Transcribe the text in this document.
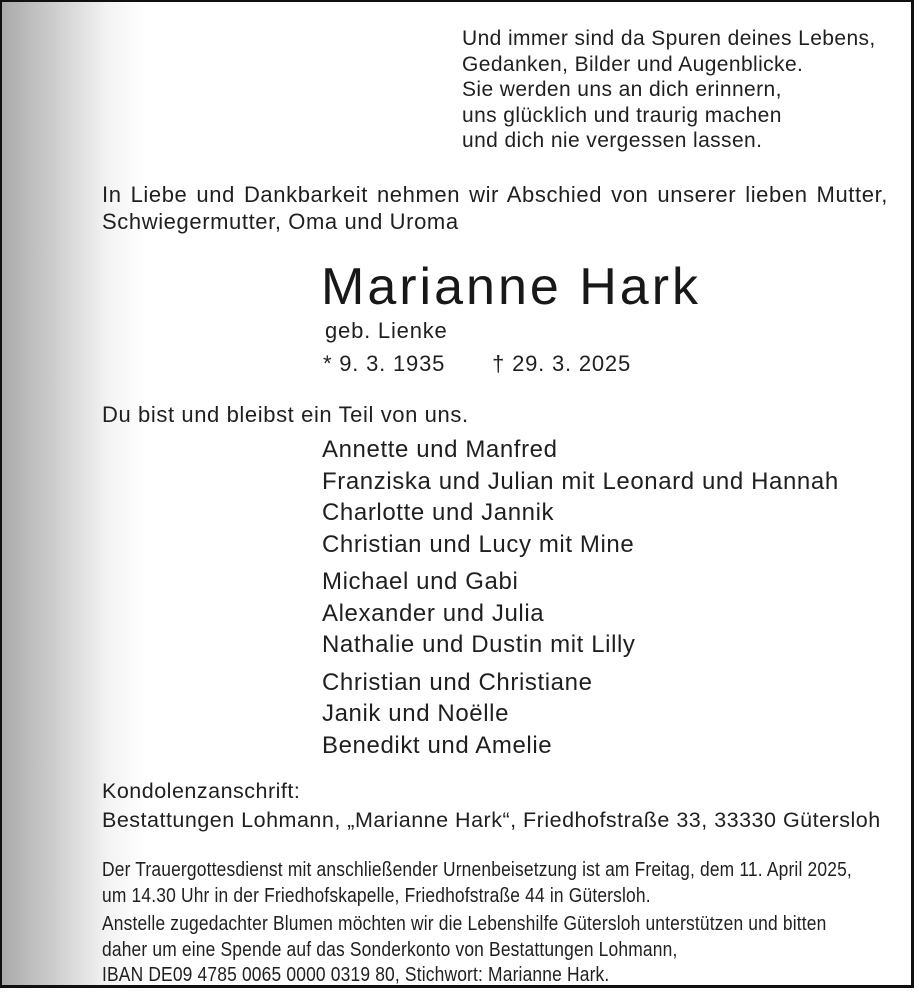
Und immer sind da Spuren deines Lebens,
Gedanken, Bilder und Augenblicke.
Sie werden uns an dich erinnern,
uns glücklich und traurig machen
und dich nie vergessen lassen.
In Liebe und Dankbarkeit nehmen wir Abschied von unserer lieben Mutter,
Schwiegermutter, Oma und Uroma
Marianne Hark
geb. Lienke
* 9. 3. 1935 † 29. 3. 2025
Du bist und bleibst ein Teil von uns.
Annette und Manfred
Franziska und Julian mit Leonard und Hannah
Charlotte und Jannik
Christian und Lucy mit Mine
Michael und Gabi
Alexander und Julia
Nathalie und Dustin mit Lilly
Christian und Christiane
Janik und Noëlle
Benedikt und Amelie
Kondolenzanschrift:
Bestattungen Lohmann, „Marianne Hark“, Friedhofstraße 33, 33330 Gütersloh
Der Trauergottesdienst mit anschließender Urnenbeisetzung ist am Freitag, dem 11. April 2025,
um 14.30 Uhr in der Friedhofskapelle, Friedhofstraße 44 in Gütersloh.
Anstelle zugedachter Blumen möchten wir die Lebenshilfe Gütersloh unterstützen und bitten
daher um eine Spende auf das Sonderkonto von Bestattungen Lohmann,
IBAN DE09 4785 0065 0000 0319 80, Stichwort: Marianne Hark.
